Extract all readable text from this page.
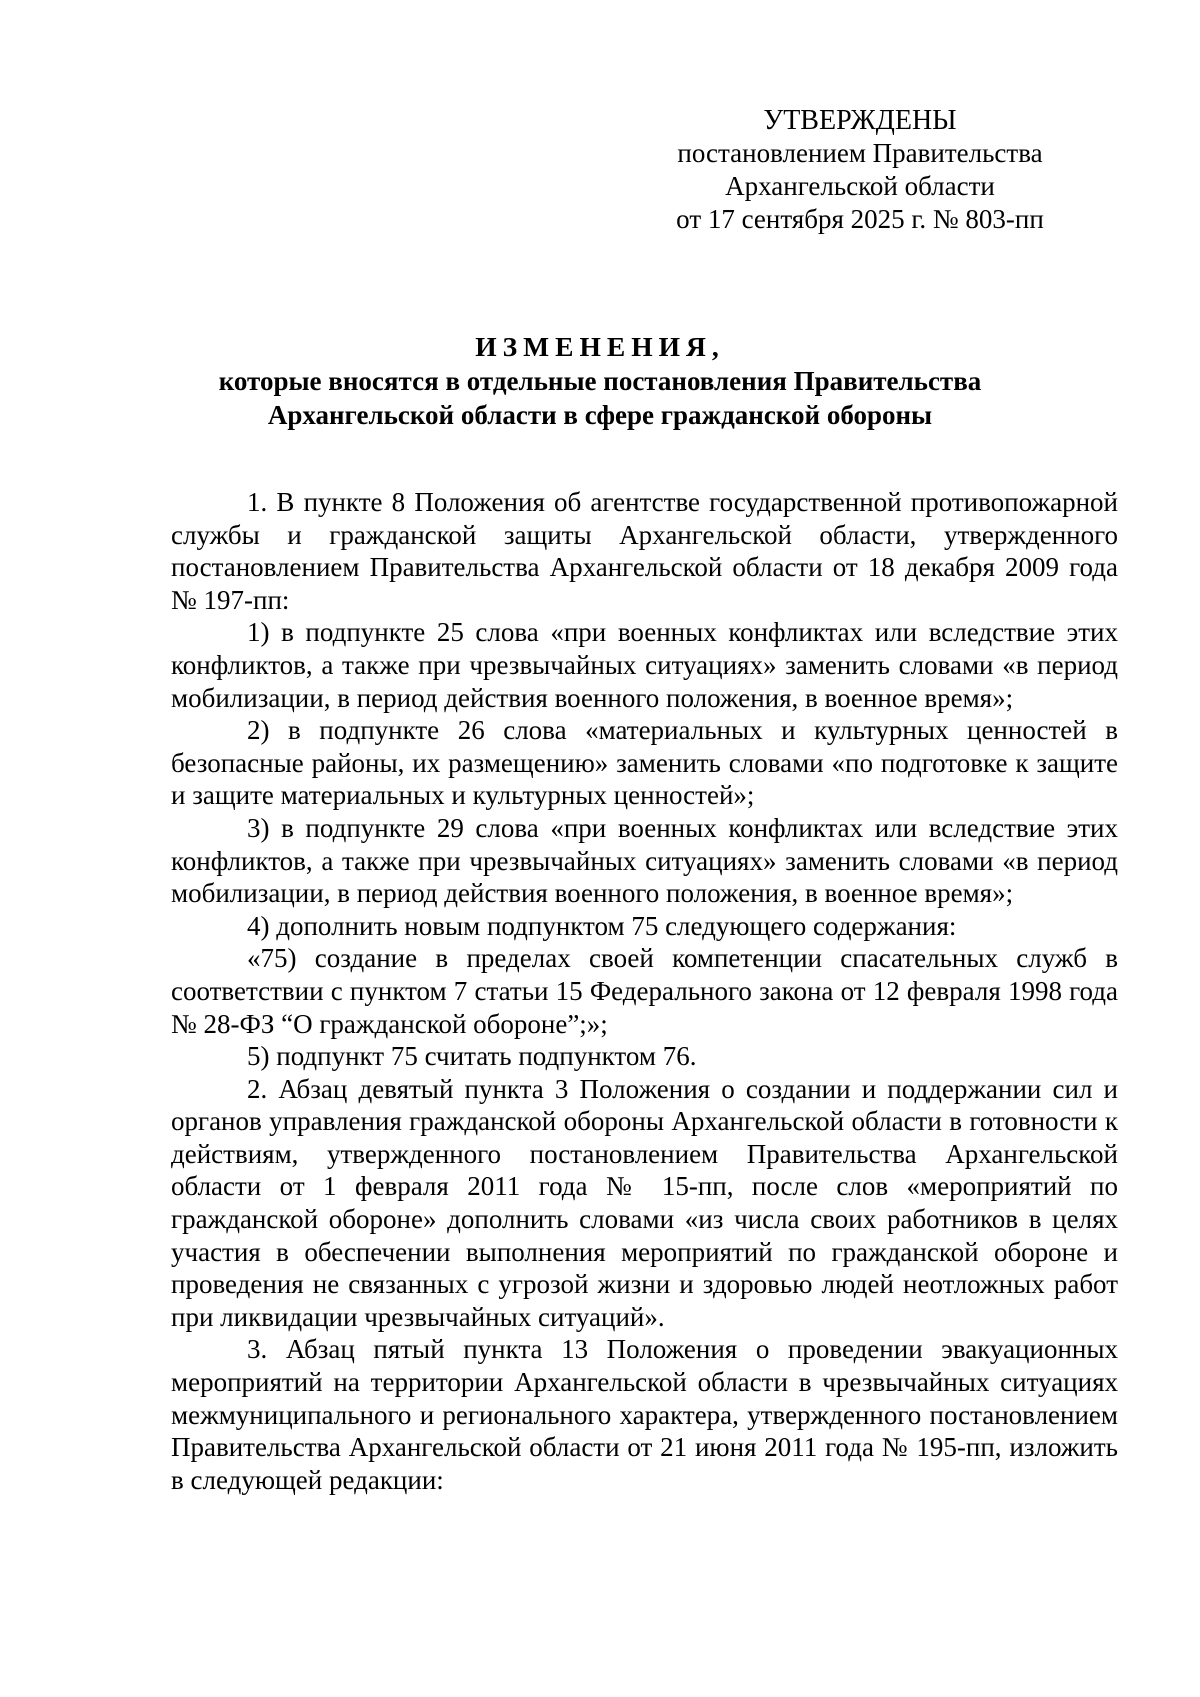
УТВЕРЖДЕНЫ
постановлением Правительства
Архангельской области
от 17 сентября 2025 г. № 803-пп
ИЗМЕНЕНИЯ,
которые вносятся в отдельные постановления Правительства
Архангельской области в сфере гражданской обороны

1. В пункте 8 Положения об агентстве государственной противопожарной службы и гражданской защиты Архангельской области, утвержденного постановлением Правительства Архангельской области от 18 декабря 2009 года № 197-пп:

1) в подпункте 25 слова «при военных конфликтах или вследствие этих конфликтов, а также при чрезвычайных ситуациях» заменить словами «в период мобилизации, в период действия военного положения, в военное время»;

2) в подпункте 26 слова «материальных и культурных ценностей в безопасные районы, их размещению» заменить словами «по подготовке к защите и защите материальных и культурных ценностей»;

3) в подпункте 29 слова «при военных конфликтах или вследствие этих конфликтов, а также при чрезвычайных ситуациях» заменить словами «в период мобилизации, в период действия военного положения, в военное время»;

4) дополнить новым подпунктом 75 следующего содержания:

«75) создание в пределах своей компетенции спасательных служб в соответствии с пунктом 7 статьи 15 Федерального закона от 12 февраля 1998 года № 28-ФЗ “О гражданской обороне”;»;

5) подпункт 75 считать подпунктом 76.

2. Абзац девятый пункта 3 Положения о создании и поддержании сил и органов управления гражданской обороны Архангельской области в готовности к действиям, утвержденного постановлением Правительства Архангельской области от 1 февраля 2011 года № 15-пп, после слов «мероприятий по гражданской обороне» дополнить словами «из числа своих работников в целях участия в обеспечении выполнения мероприятий по гражданской обороне и проведения не связанных с угрозой жизни и здоровью людей неотложных работ при ликвидации чрезвычайных ситуаций».

3. Абзац пятый пункта 13 Положения о проведении эвакуационных мероприятий на территории Архангельской области в чрезвычайных ситуациях межмуниципального и регионального характера, утвержденного постановлением Правительства Архангельской области от 21 июня 2011 года № 195-пп, изложить в следующей редакции:
